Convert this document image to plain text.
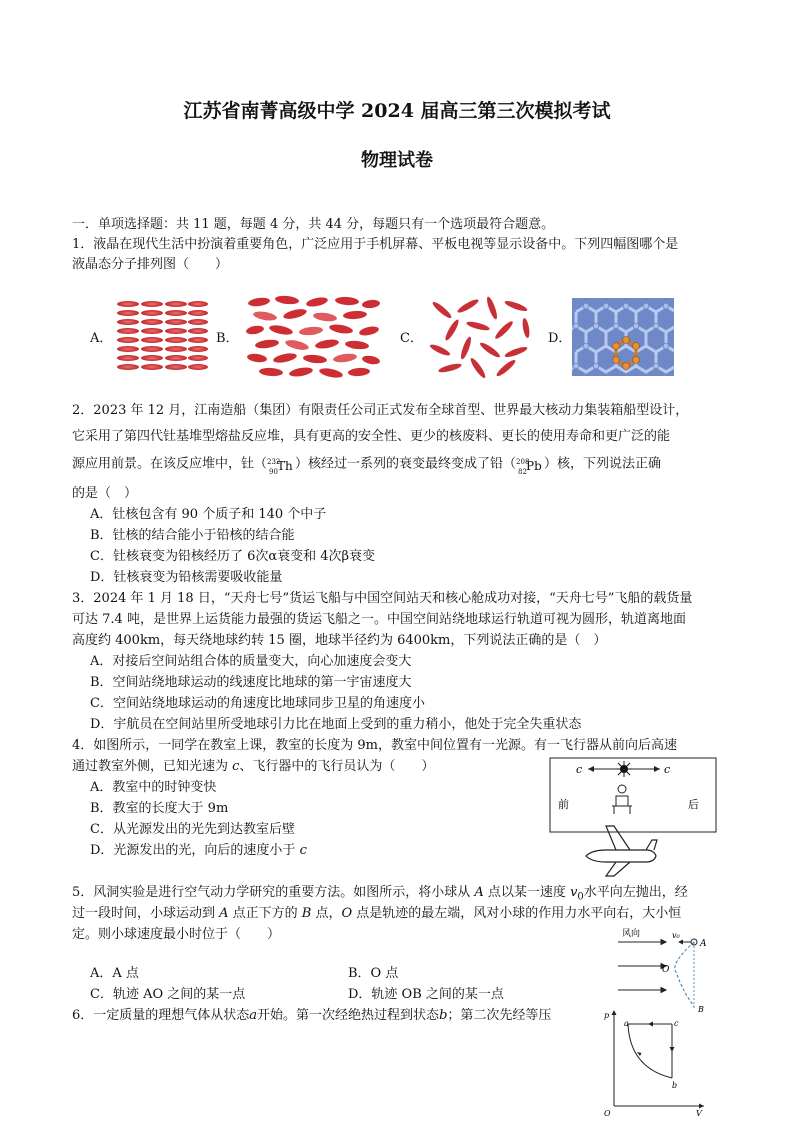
江苏省南菁高级中学 2024 届高三第三次模拟考试
物理试卷
一．单项选择题：共 11 题，每题 4 分，共 44 分，每题只有一个选项最符合题意。
1．液晶在现代生活中扮演着重要角色，广泛应用于手机屏幕、平板电视等显示设备中。下列四幅图哪个是
液晶态分子排列图（　　）
A．	B．	C．	D．
2．2023 年 12 月，江南造船（集团）有限责任公司正式发布全球首型、世界最大核动力集装箱船型设计，
它采用了第四代钍基堆型熔盐反应堆，具有更高的安全性、更少的核废料、更长的使用寿命和更广泛的能
源应用前景。在该反应堆中，钍（ 232
90 Th ）核经过一系列的衰变最终变成了铅（ 208
82 Pb ）核，下列说法正确
的是（　）
A．钍核包含有 90 个质子和 140 个中子
B．钍核的结合能小于铅核的结合能
C．钍核衰变为铅核经历了 6次α衰变和 4次β衰变
D．钍核衰变为铅核需要吸收能量
3．2024 年 1 月 18 日，“天舟七号”货运飞船与中国空间站天和核心舱成功对接，“天舟七号”飞船的载货量
可达 7.4 吨，是世界上运货能力最强的货运飞船之一。中国空间站绕地球运行轨道可视为圆形，轨道离地面
高度约 400km，每天绕地球约转 15 圈，地球半径约为 6400km，下列说法正确的是（　）
A．对接后空间站组合体的质量变大，向心加速度会变大
B．空间站绕地球运动的线速度比地球的第一宇宙速度大
C．空间站绕地球运动的角速度比地球同步卫星的角速度小
D．宇航员在空间站里所受地球引力比在地面上受到的重力稍小，他处于完全失重状态
4．如图所示，一同学在教室上课，教室的长度为 9m，教室中间位置有一光源。有一飞行器从前向后高速
通过教室外侧，已知光速为 c、飞行器中的飞行员认为（　　）
A．教室中的时钟变快
B．教室的长度大于 9m
C．从光源发出的光先到达教室后壁
D．光源发出的光，向后的速度小于 c
c	c
前	后
5．风洞实验是进行空气动力学研究的重要方法。如图所示，将小球从 A 点以某一速度 $v_0$水平向左抛出，经
过一段时间，小球运动到 A 点正下方的 B 点，O 点是轨迹的最左端，风对小球的作用力水平向右，大小恒
定。则小球速度最小时位于（　　）
A．A 点	B．O 点
C．轨迹 AO 之间的某一点	D．轨迹 OB 之间的某一点
风向	v₀
A
O
B
6．一定质量的理想气体从状态a开始。第一次经绝热过程到状态b；第二次先经等压	p
O	V
a	c
b
